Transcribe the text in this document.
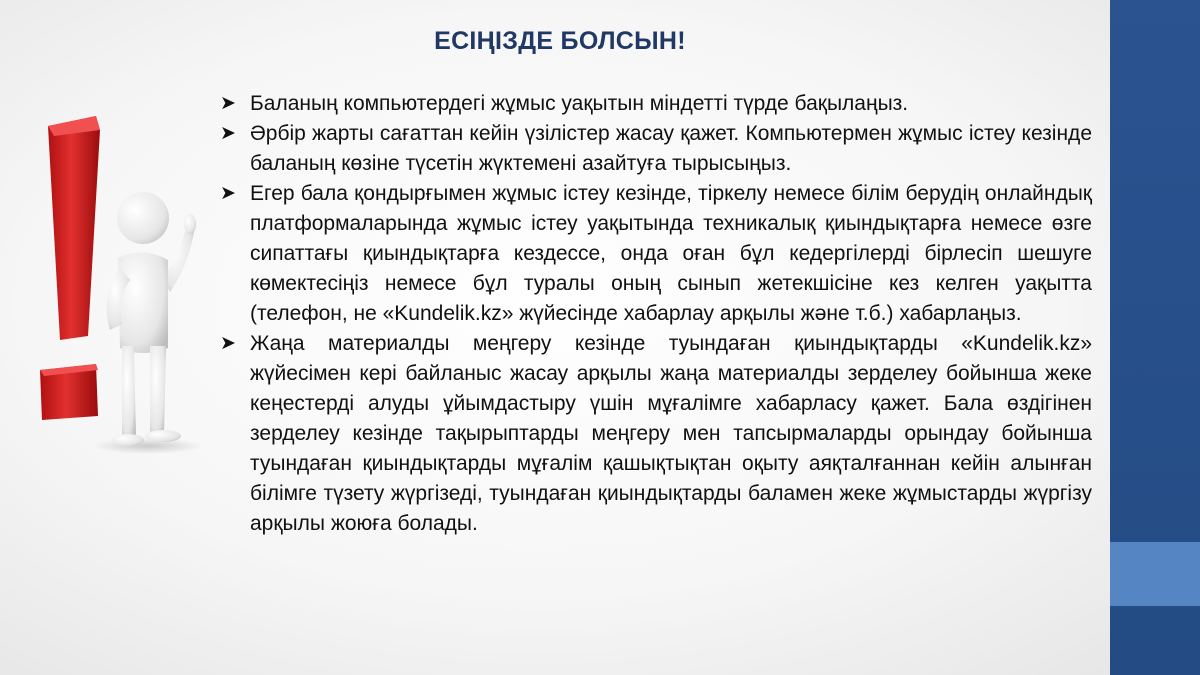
ЕСІҢІЗДЕ БОЛСЫН!
➤ Баланың компьютердегі жұмыс уақытын міндетті түрде бақылаңыз.
➤ Әрбір жарты сағаттан кейін үзілістер жасау қажет. Компьютермен жұмыс істеу кезінде баланың көзіне түсетін жүктемені азайтуға тырысыңыз.
➤ Егер бала қондырғымен жұмыс істеу кезінде, тіркелу немесе білім берудің онлайндық платформаларында жұмыс істеу уақытында техникалық қиындықтарға немесе өзге сипаттағы қиындықтарға кездессе, онда оған бұл кедергілерді бірлесіп шешуге көмектесіңіз немесе бұл туралы оның сынып жетекшісіне кез келген уақытта (телефон, не «Kundelik.kz» жүйесінде хабарлау арқылы және т.б.) хабарлаңыз.
➤ Жаңа материалды меңгеру кезінде туындаған қиындықтарды «Kundelik.kz» жүйесімен кері байланыс жасау арқылы жаңа материалды зерделеу бойынша жеке кеңестерді алуды ұйымдастыру үшін мұғалімге хабарласу қажет. Бала өздігінен зерделеу кезінде тақырыптарды меңгеру мен тапсырмаларды орындау бойынша туындаған қиындықтарды мұғалім қашықтықтан оқыту аяқталғаннан кейін алынған білімге түзету жүргізеді, туындаған қиындықтарды баламен жеке жұмыстарды жүргізу арқылы жоюға болады.
